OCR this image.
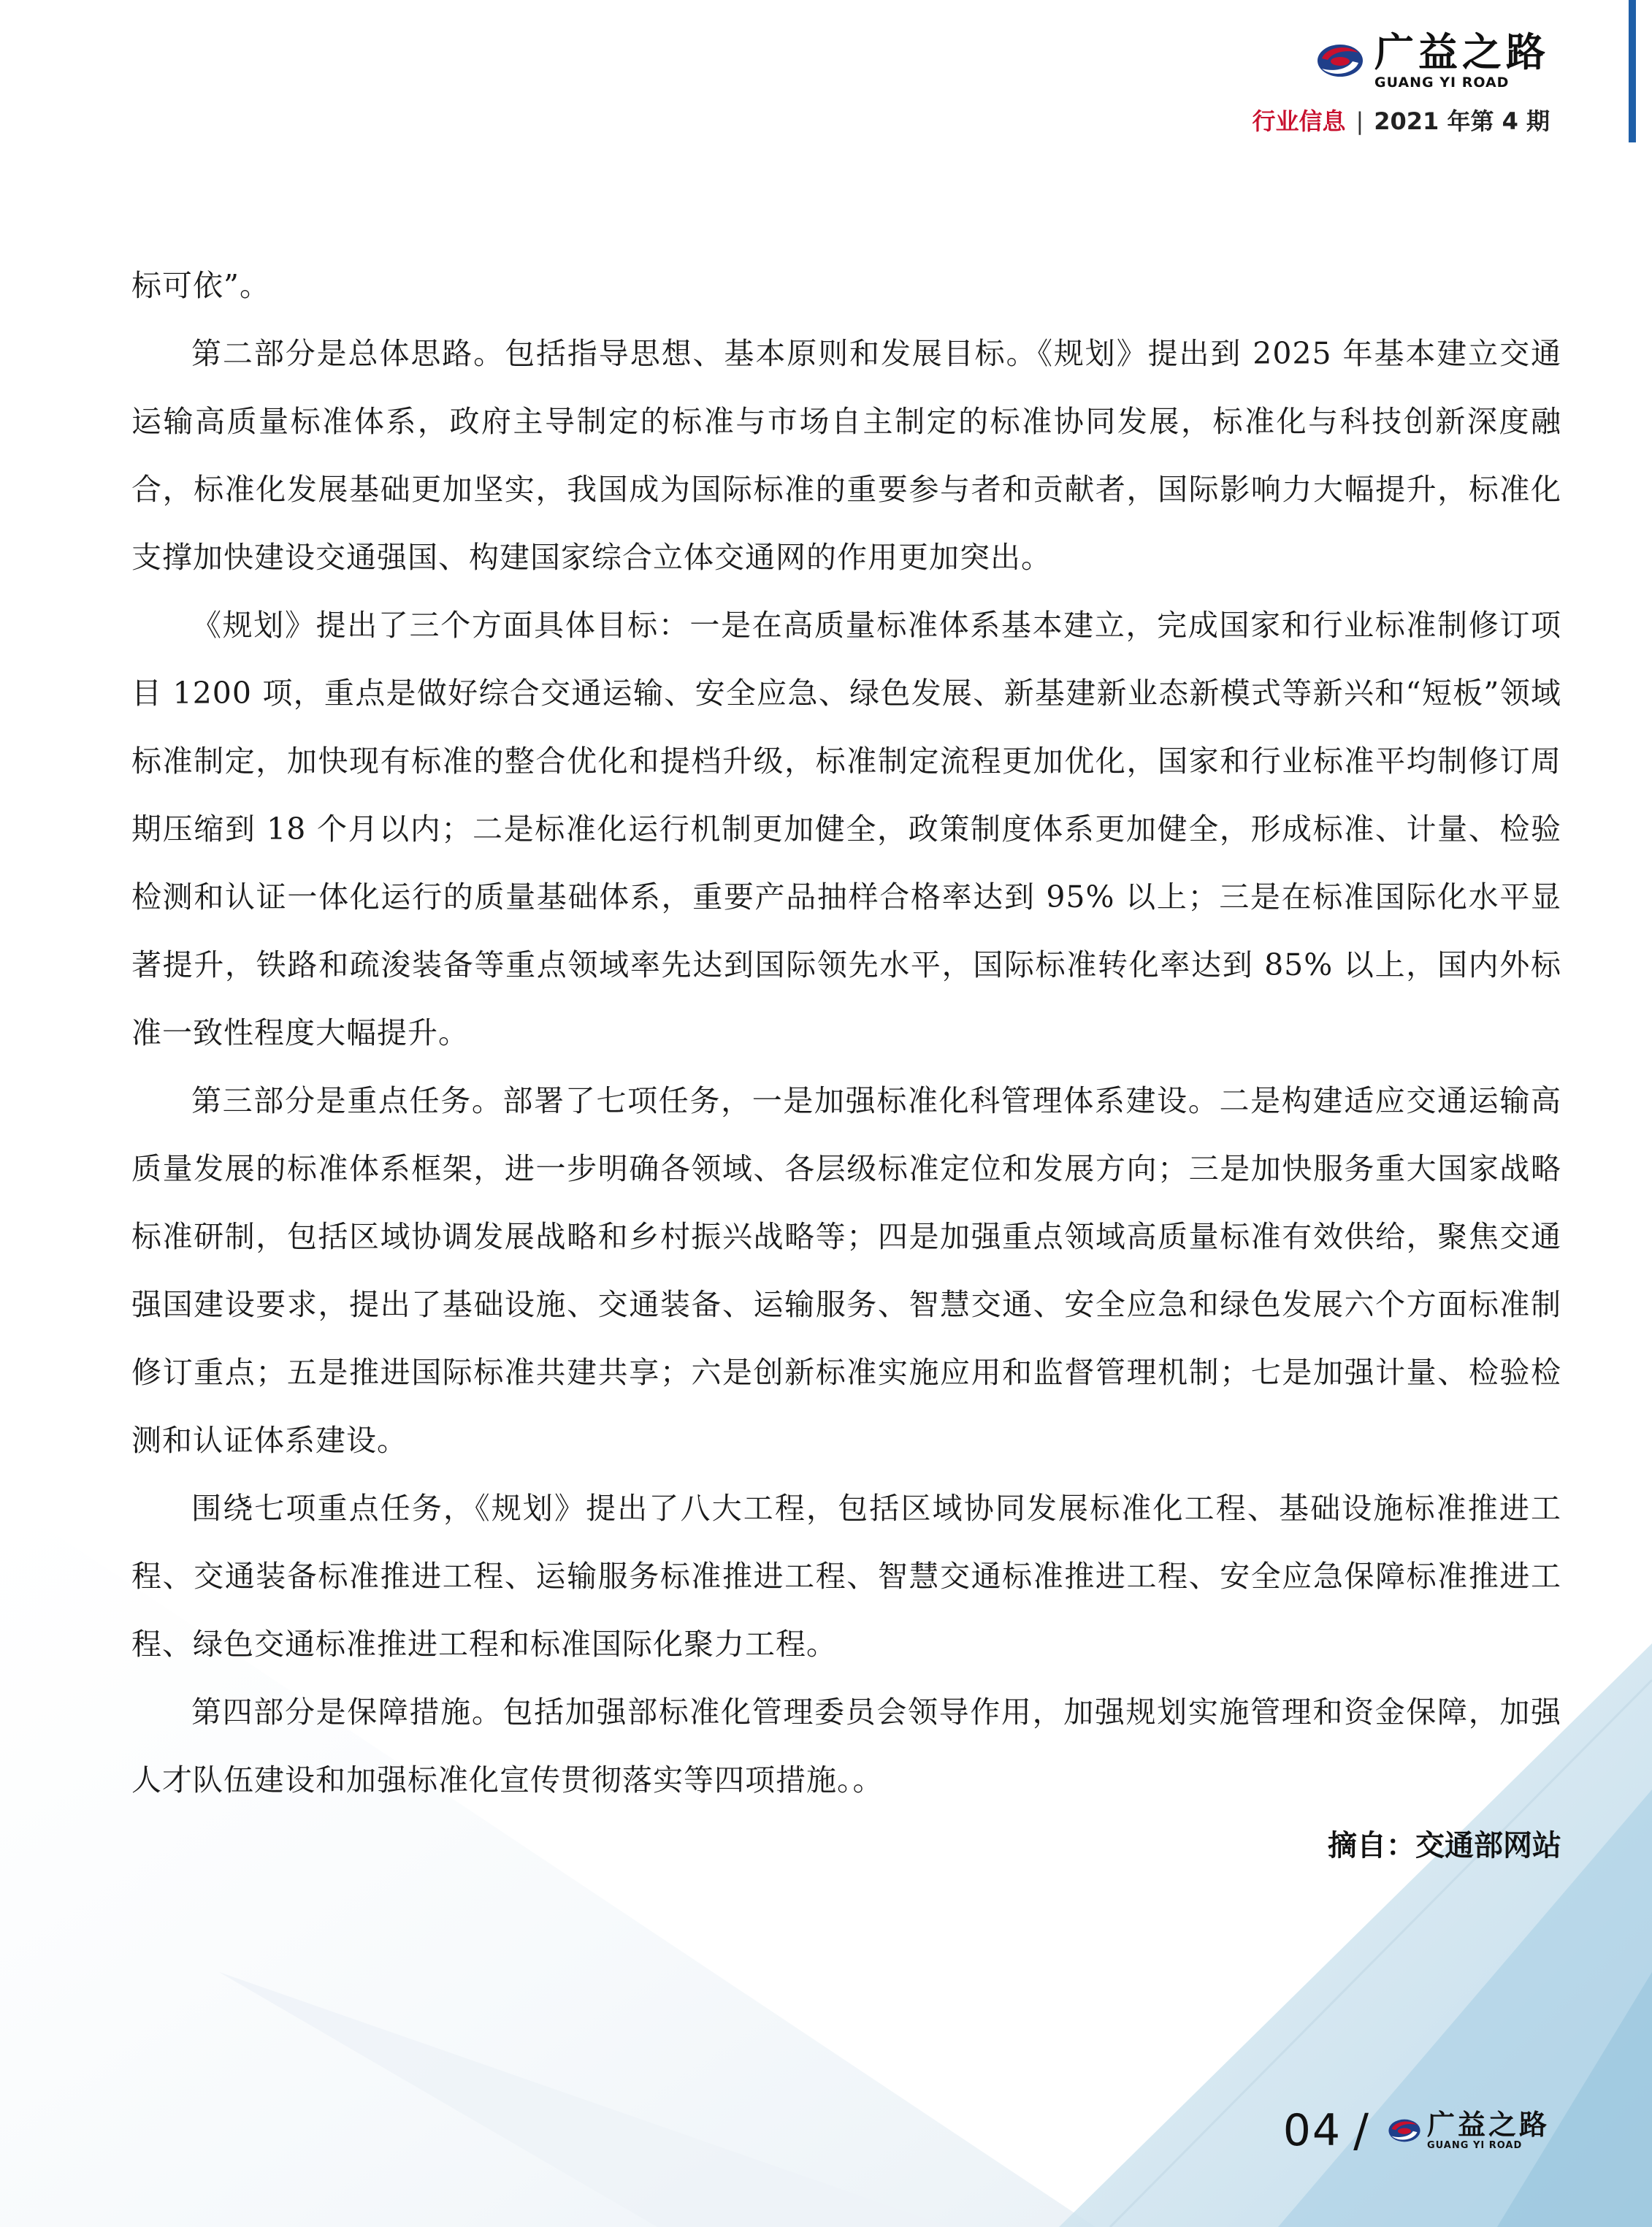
广益之路
GUANG YI ROAD
行业信息 | 2021 年第 4 期

标可依”。

第二部分是总体思路。包括指导思想、基本原则和发展目标。《规划》提出到 2025 年基本建立交通运输高质量标准体系，政府主导制定的标准与市场自主制定的标准协同发展，标准化与科技创新深度融合，标准化发展基础更加坚实，我国成为国际标准的重要参与者和贡献者，国际影响力大幅提升，标准化支撑加快建设交通强国、构建国家综合立体交通网的作用更加突出。

《规划》提出了三个方面具体目标：一是在高质量标准体系基本建立，完成国家和行业标准制修订项目 1200 项，重点是做好综合交通运输、安全应急、绿色发展、新基建新业态新模式等新兴和“短板”领域标准制定，加快现有标准的整合优化和提档升级，标准制定流程更加优化，国家和行业标准平均制修订周期压缩到 18 个月以内；二是标准化运行机制更加健全，政策制度体系更加健全，形成标准、计量、检验检测和认证一体化运行的质量基础体系，重要产品抽样合格率达到 95% 以上；三是在标准国际化水平显著提升，铁路和疏浚装备等重点领域率先达到国际领先水平，国际标准转化率达到 85% 以上，国内外标准一致性程度大幅提升。

第三部分是重点任务。部署了七项任务，一是加强标准化科管理体系建设。二是构建适应交通运输高质量发展的标准体系框架，进一步明确各领域、各层级标准定位和发展方向；三是加快服务重大国家战略标准研制，包括区域协调发展战略和乡村振兴战略等；四是加强重点领域高质量标准有效供给，聚焦交通强国建设要求，提出了基础设施、交通装备、运输服务、智慧交通、安全应急和绿色发展六个方面标准制修订重点；五是推进国际标准共建共享；六是创新标准实施应用和监督管理机制；七是加强计量、检验检测和认证体系建设。

围绕七项重点任务，《规划》提出了八大工程，包括区域协同发展标准化工程、基础设施标准推进工程、交通装备标准推进工程、运输服务标准推进工程、智慧交通标准推进工程、安全应急保障标准推进工程、绿色交通标准推进工程和标准国际化聚力工程。

第四部分是保障措施。包括加强部标准化管理委员会领导作用，加强规划实施管理和资金保障，加强人才队伍建设和加强标准化宣传贯彻落实等四项措施。。

摘自：交通部网站
04 / 广益之路
GUANG YI ROAD
